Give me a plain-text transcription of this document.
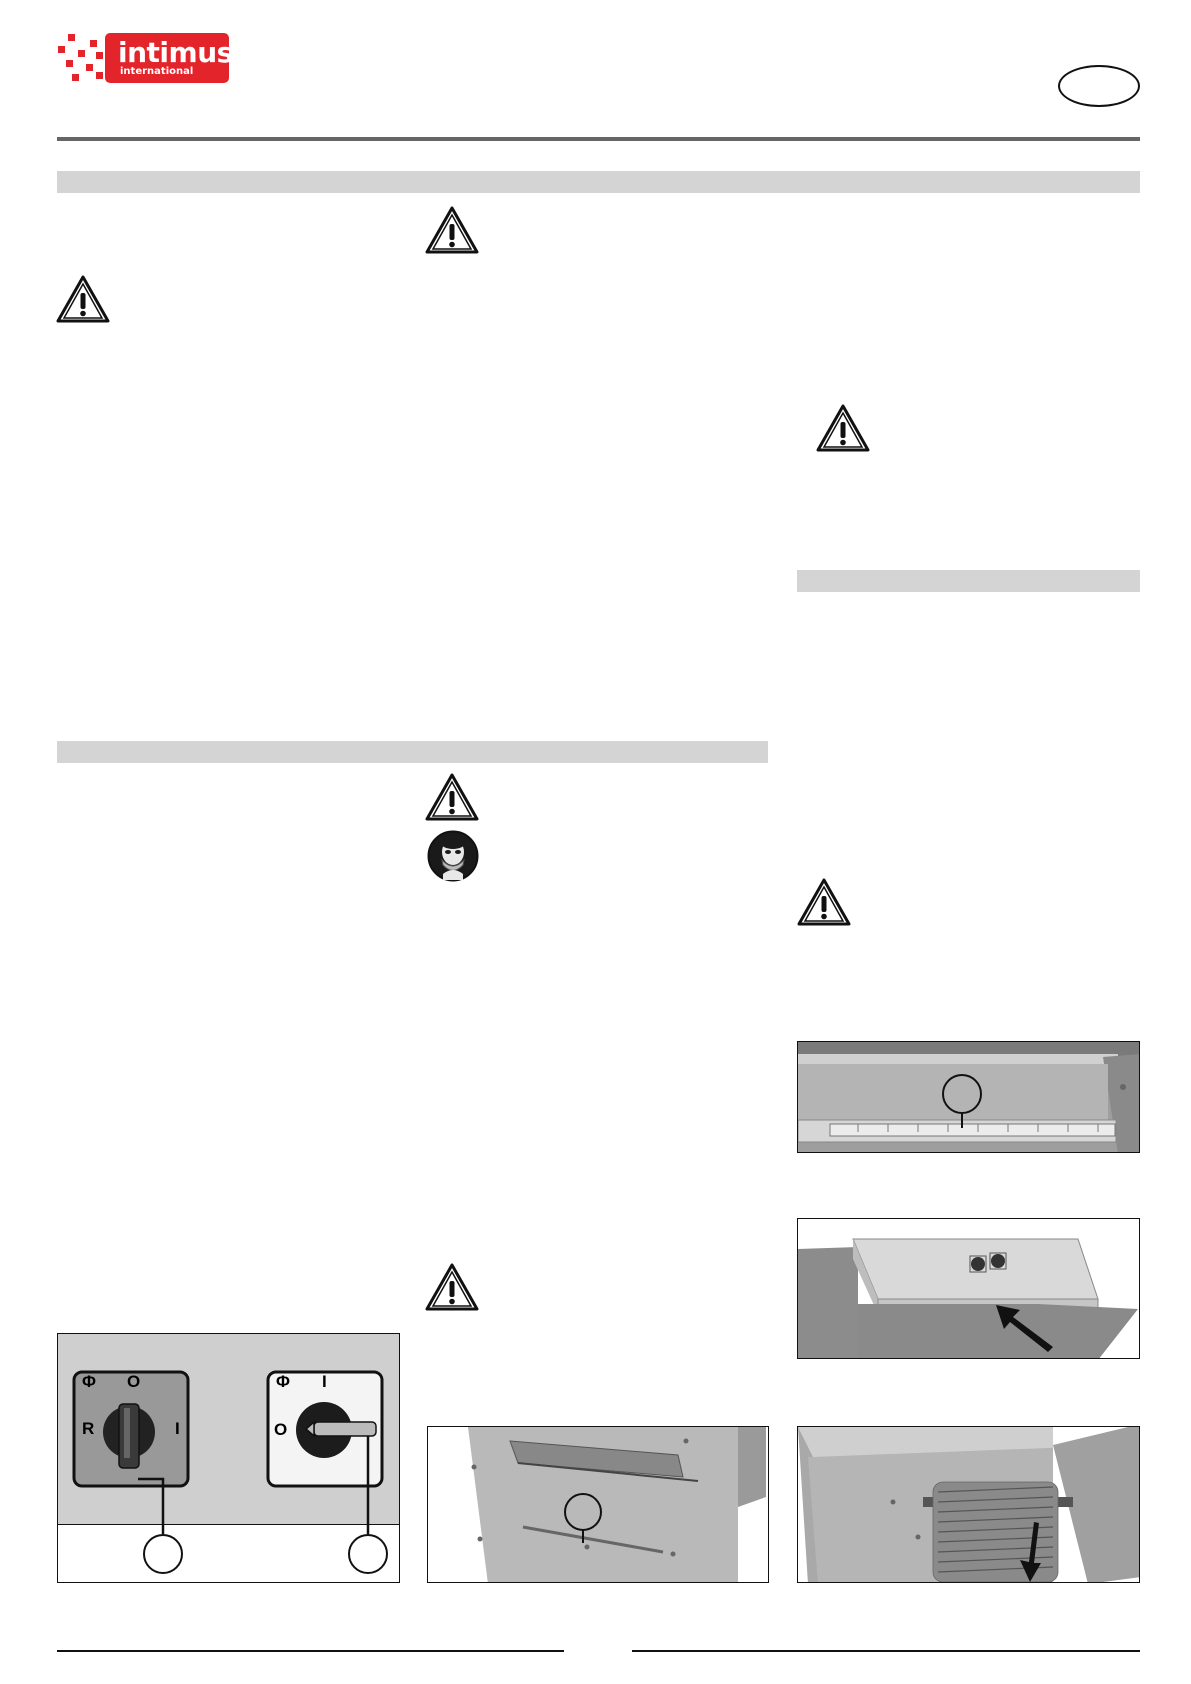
intimus
international
Φ O
R	I
Φ I
O
